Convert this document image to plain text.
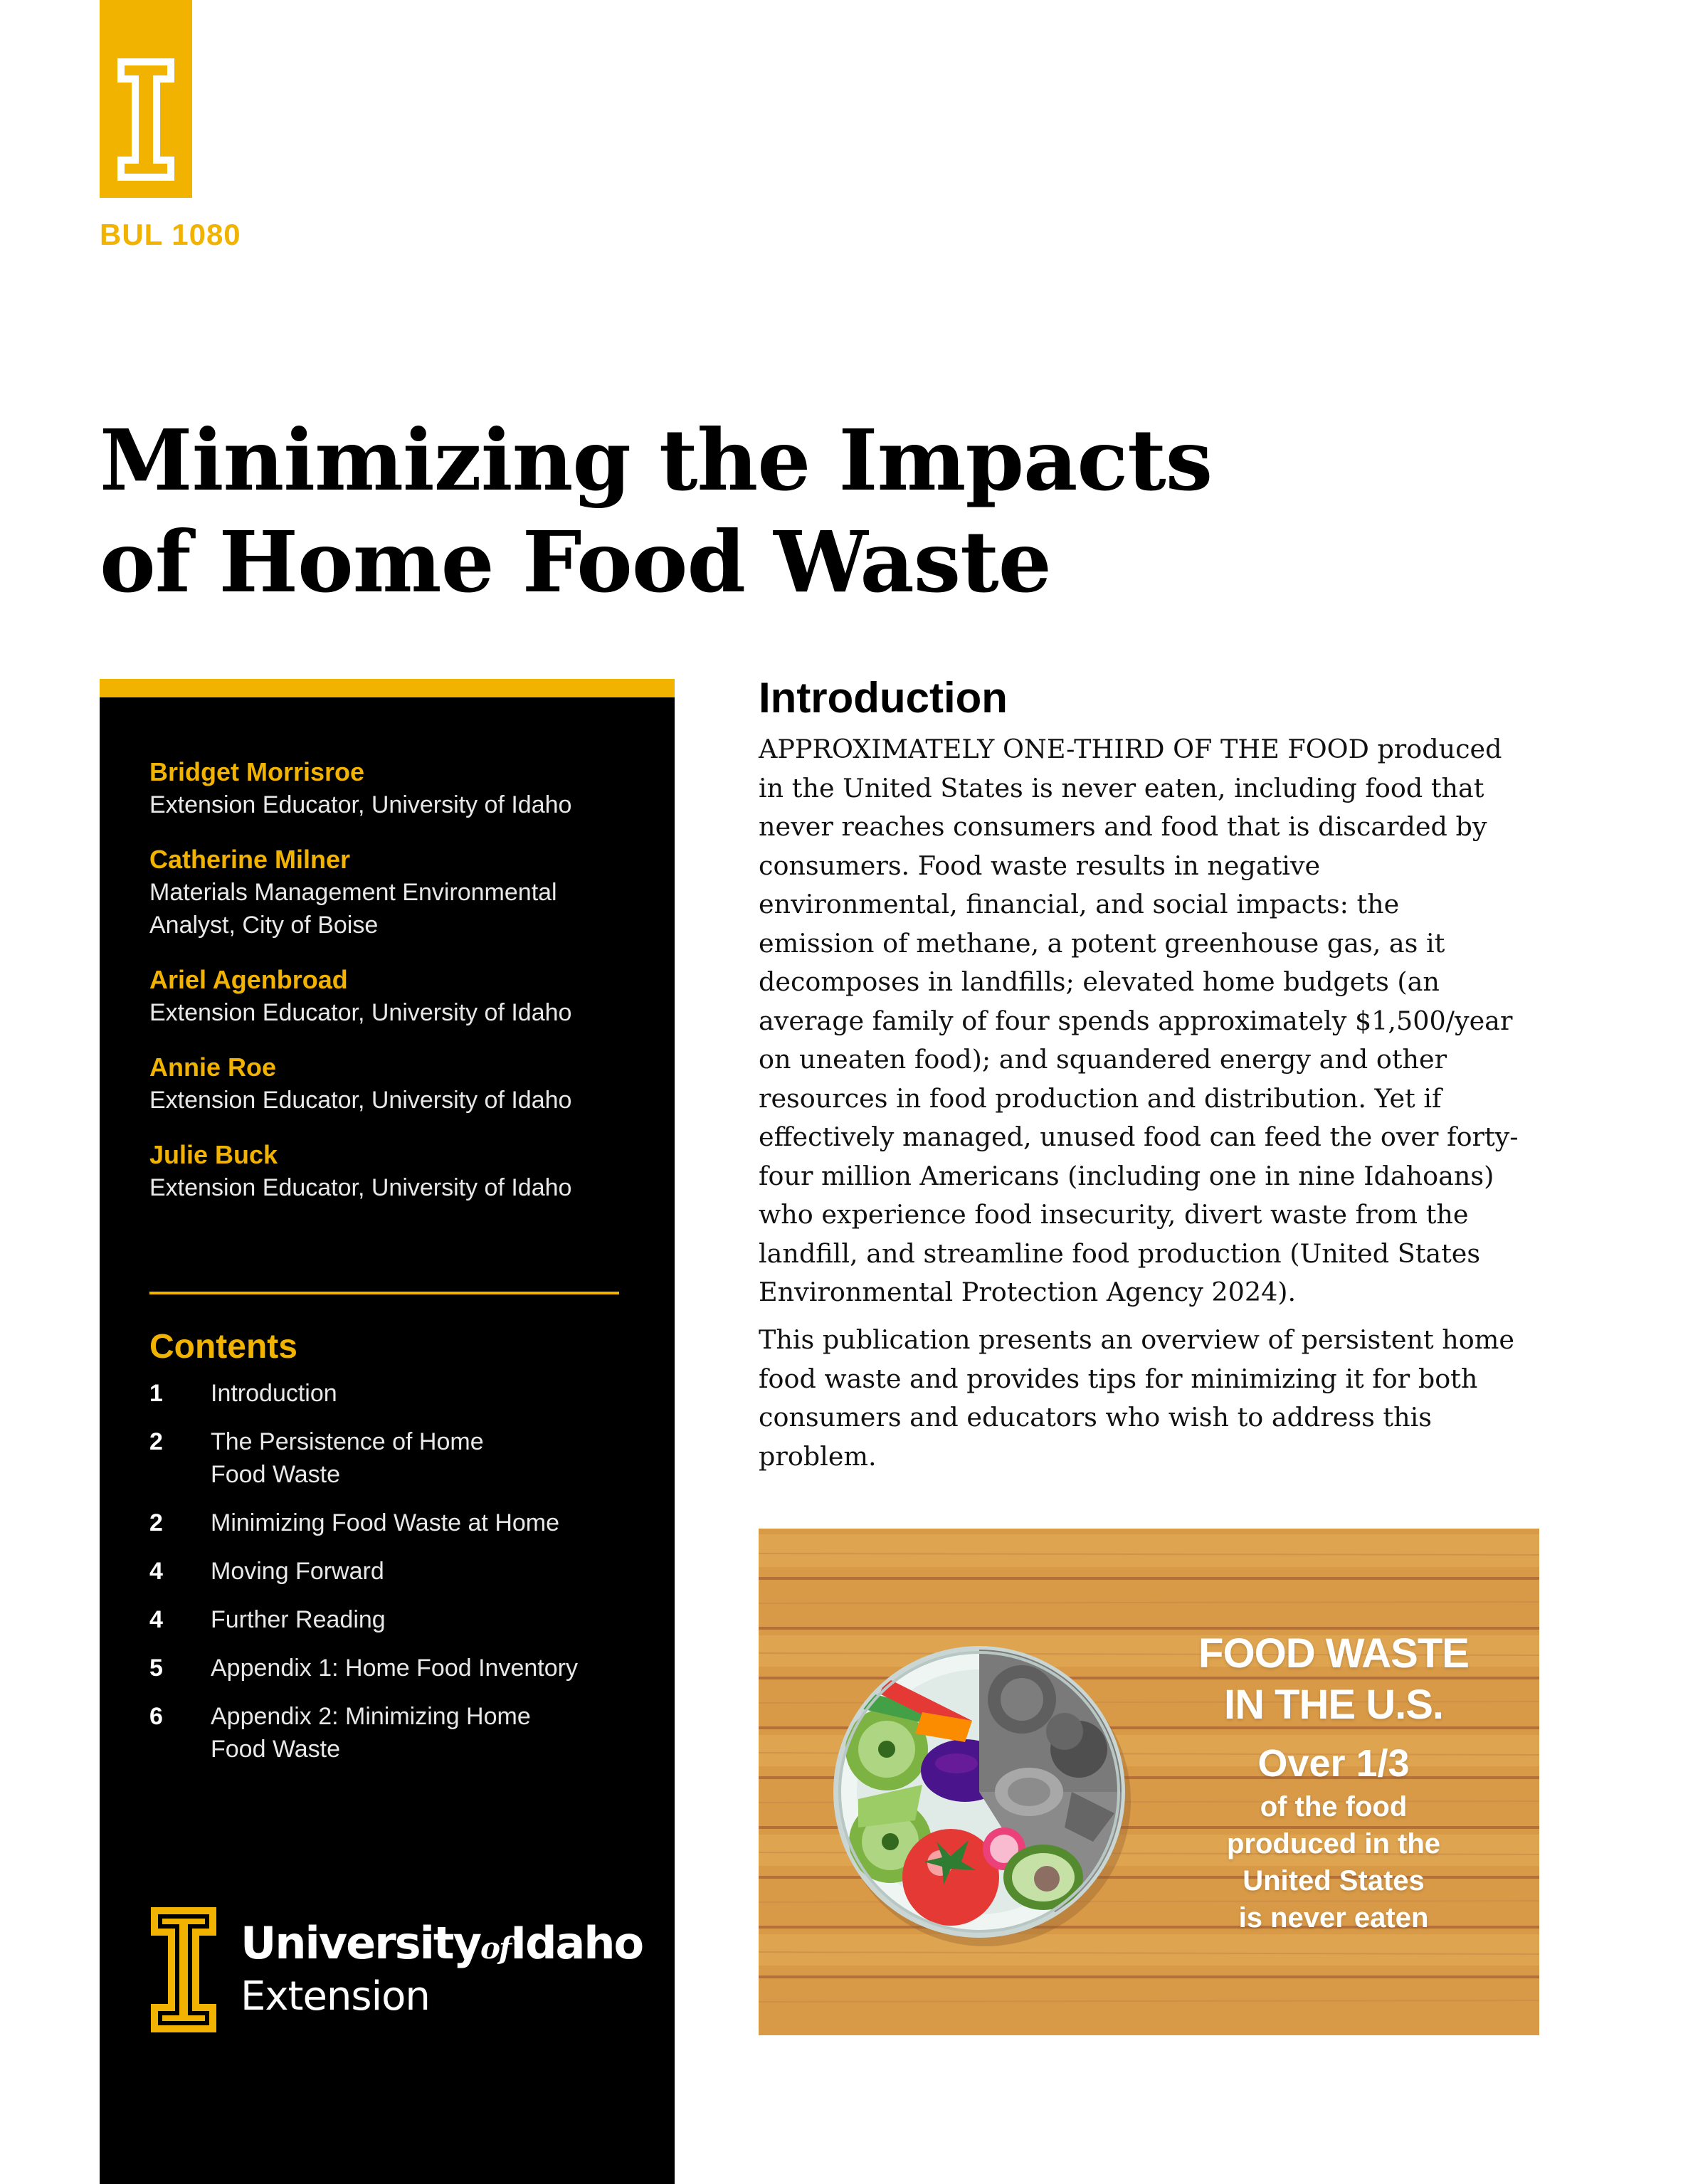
BUL 1080
Minimizing the Impacts
of Home Food Waste
Bridget Morrisroe
Extension Educator, University of Idaho
Catherine Milner
Materials Management Environmental Analyst, City of Boise
Ariel Agenbroad
Extension Educator, University of Idaho
Annie Roe
Extension Educator, University of Idaho
Julie Buck
Extension Educator, University of Idaho
Contents
1	Introduction
2	The Persistence of Home Food Waste
2	Minimizing Food Waste at Home
4	Moving Forward
4	Further Reading
5	Appendix 1: Home Food Inventory
6	Appendix 2: Minimizing Home Food Waste
UniversityofIdaho
Extension
Introduction

APPROXIMATELY ONE-THIRD OF THE FOOD produced in the United States is never eaten, including food that never reaches consumers and food that is discarded by consumers. Food waste results in negative environmental, financial, and social impacts: the emission of methane, a potent greenhouse gas, as it decomposes in landfills; elevated home budgets (an average family of four spends approximately $1,500/year on uneaten food); and squandered energy and other resources in food production and distribution. Yet if effectively managed, unused food can feed the over forty-four million Americans (including one in nine Idahoans) who experience food insecurity, divert waste from the landfill, and streamline food production (United States Environmental Protection Agency 2024).

This publication presents an overview of persistent home food waste and provides tips for minimizing it for both consumers and educators who wish to address this problem.

FOOD WASTE
IN THE U.S.
Over 1/3
of the food
produced in the
United States
is never eaten
